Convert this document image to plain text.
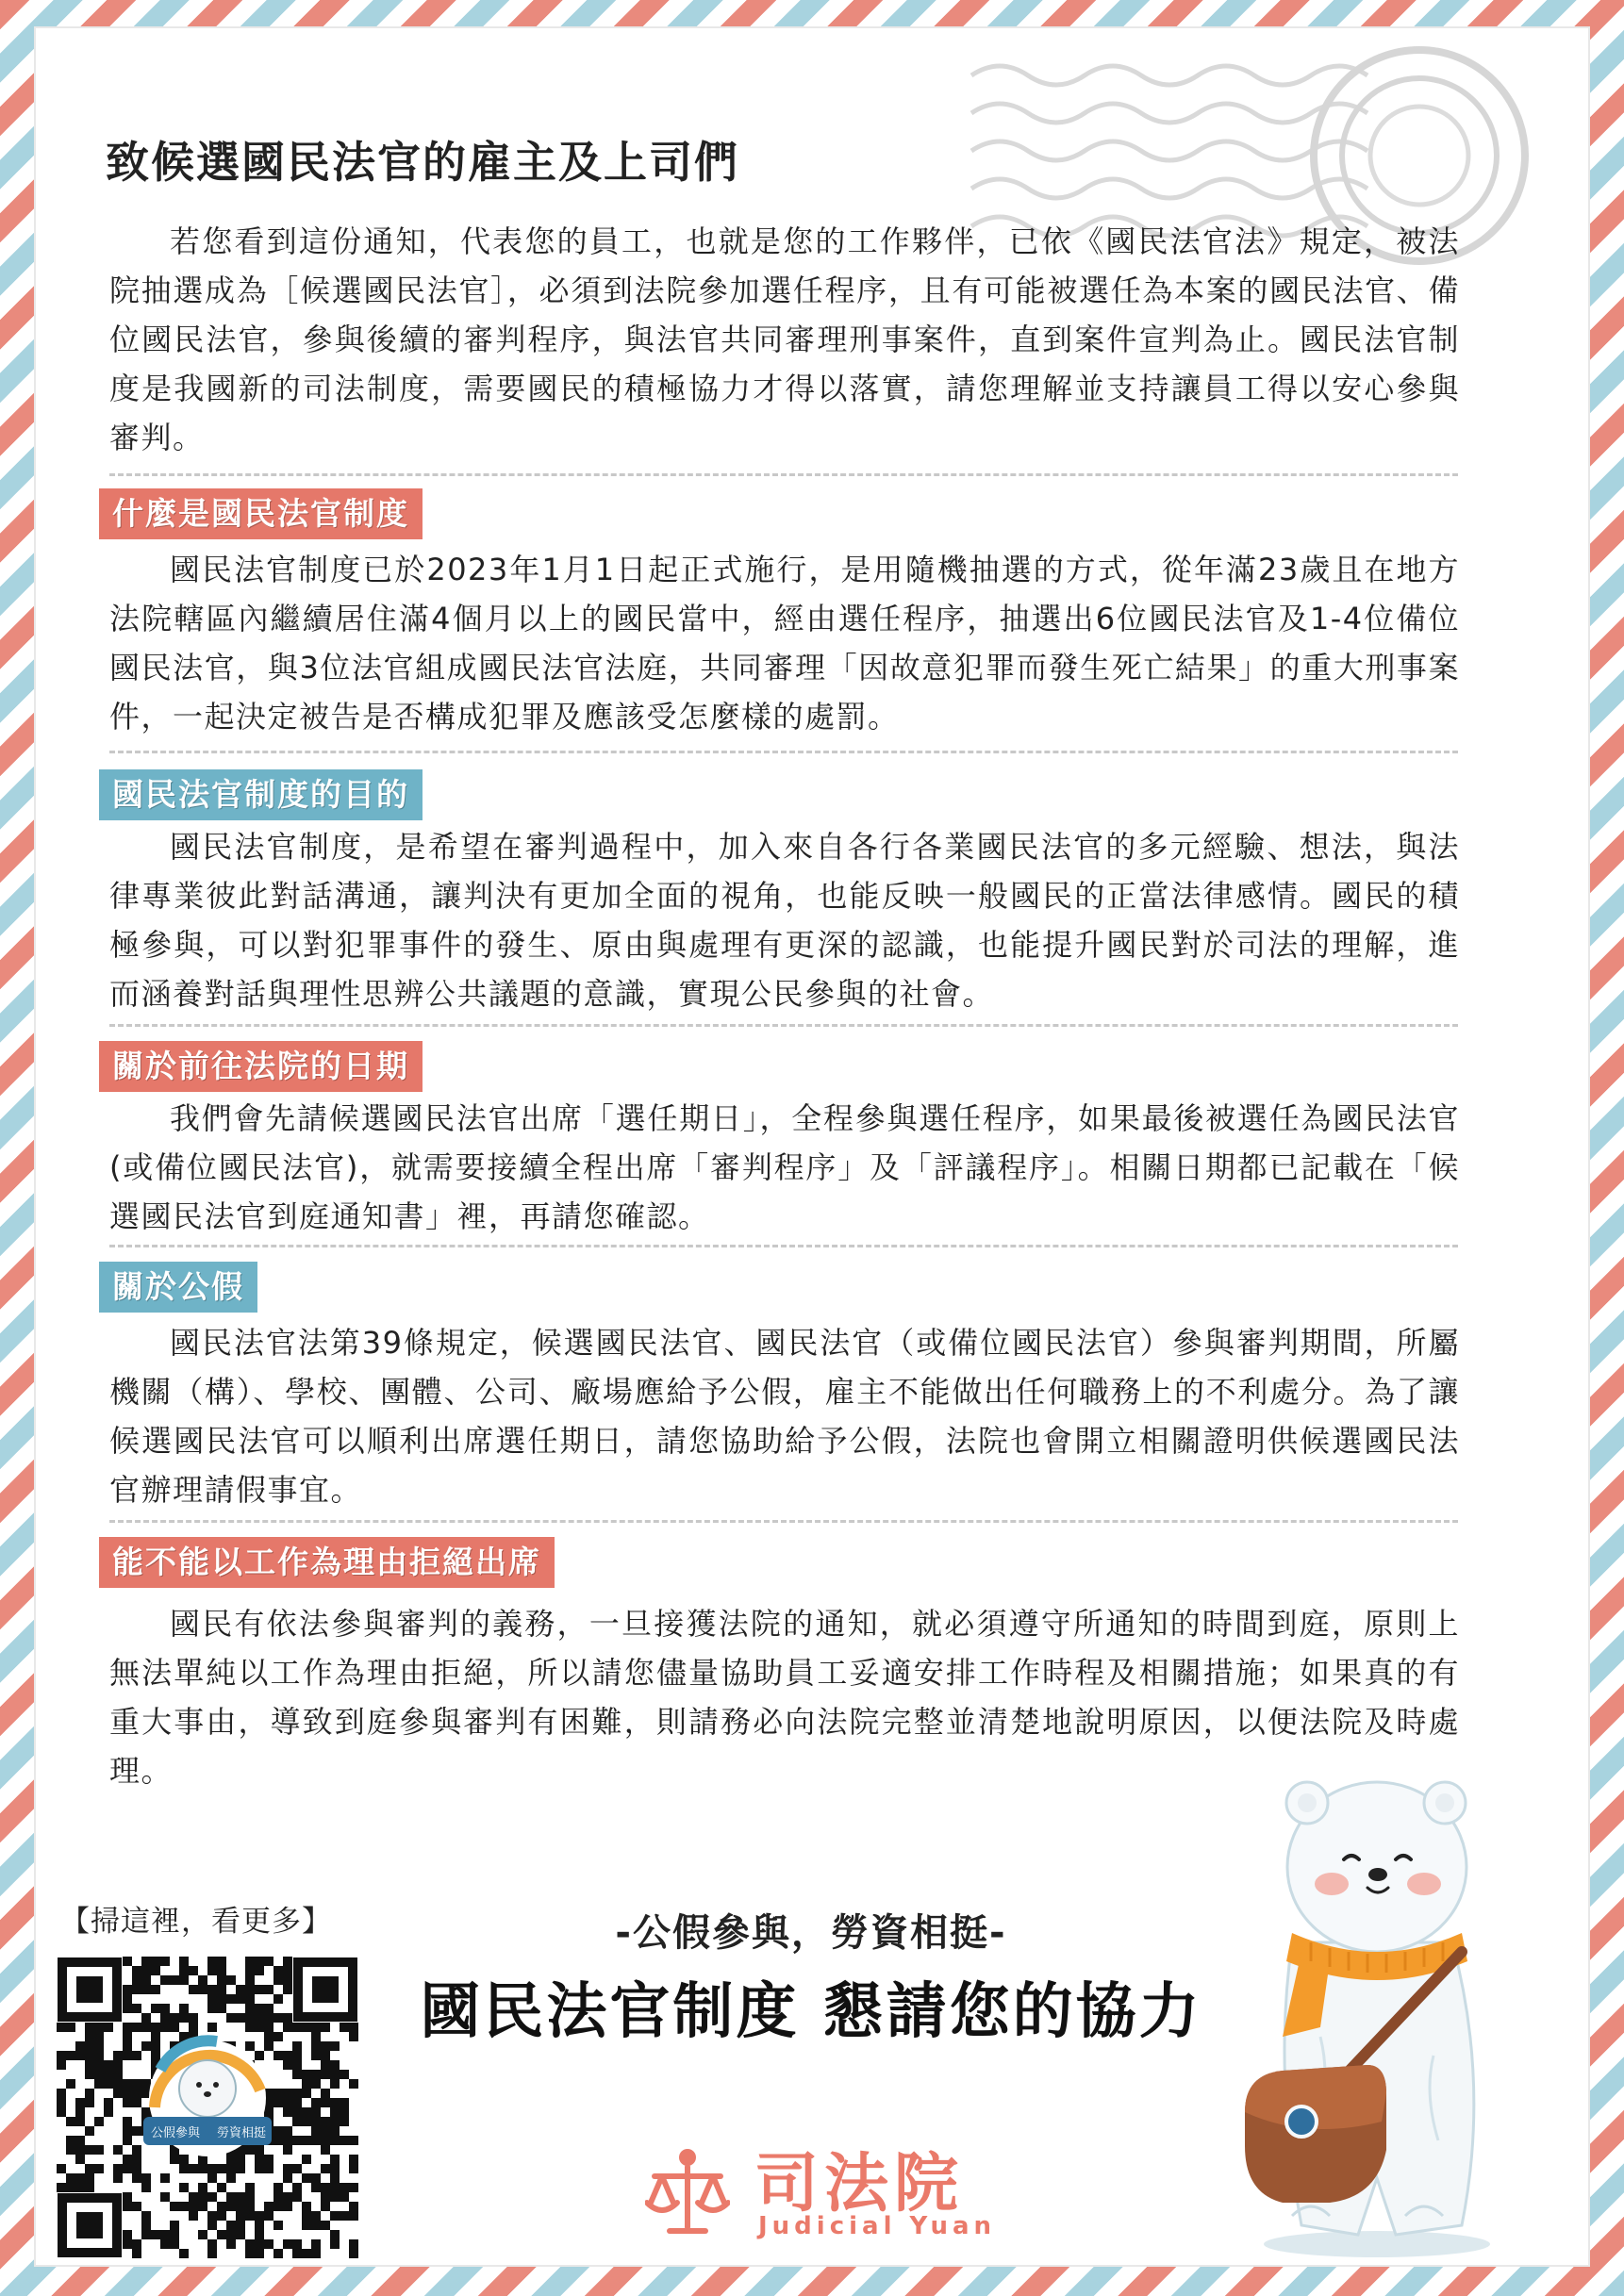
致候選國民法官的雇主及上司們

若您看到這份通知，代表您的員工，也就是您的工作夥伴，已依《國民法官法》規定，被法院抽選成為［候選國民法官］，必須到法院參加選任程序，且有可能被選任為本案的國民法官、備位國民法官，參與後續的審判程序，與法官共同審理刑事案件，直到案件宣判為止。國民法官制度是我國新的司法制度，需要國民的積極協力才得以落實，請您理解並支持讓員工得以安心參與審判。

什麼是國民法官制度

國民法官制度已於2023年1月1日起正式施行，是用隨機抽選的方式，從年滿23歲且在地方法院轄區內繼續居住滿4個月以上的國民當中，經由選任程序，抽選出6位國民法官及1-4位備位國民法官，與3位法官組成國民法官法庭，共同審理「因故意犯罪而發生死亡結果」的重大刑事案件，一起決定被告是否構成犯罪及應該受怎麼樣的處罰。

國民法官制度的目的

國民法官制度，是希望在審判過程中，加入來自各行各業國民法官的多元經驗、想法，與法律專業彼此對話溝通，讓判決有更加全面的視角，也能反映一般國民的正當法律感情。國民的積極參與，可以對犯罪事件的發生、原由與處理有更深的認識，也能提升國民對於司法的理解，進而涵養對話與理性思辨公共議題的意識，實現公民參與的社會。

關於前往法院的日期

我們會先請候選國民法官出席「選任期日」，全程參與選任程序，如果最後被選任為國民法官(或備位國民法官)，就需要接續全程出席「審判程序」及「評議程序」。相關日期都已記載在「候選國民法官到庭通知書」裡，再請您確認。

關於公假

國民法官法第39條規定，候選國民法官、國民法官（或備位國民法官）參與審判期間，所屬機關（構）、學校、團體、公司、廠場應給予公假，雇主不能做出任何職務上的不利處分。為了讓候選國民法官可以順利出席選任期日，請您協助給予公假，法院也會開立相關證明供候選國民法官辦理請假事宜。

能不能以工作為理由拒絕出席

國民有依法參與審判的義務，一旦接獲法院的通知，就必須遵守所通知的時間到庭，原則上無法單純以工作為理由拒絕，所以請您儘量協助員工妥適安排工作時程及相關措施；如果真的有重大事由，導致到庭參與審判有困難，則請務必向法院完整並清楚地說明原因，以便法院及時處理。

【掃這裡，看更多】

公假參與 勞資相挺

-公假參與，勞資相挺-

國民法官制度 懇請您的協力

司法院
Judicial Yuan
